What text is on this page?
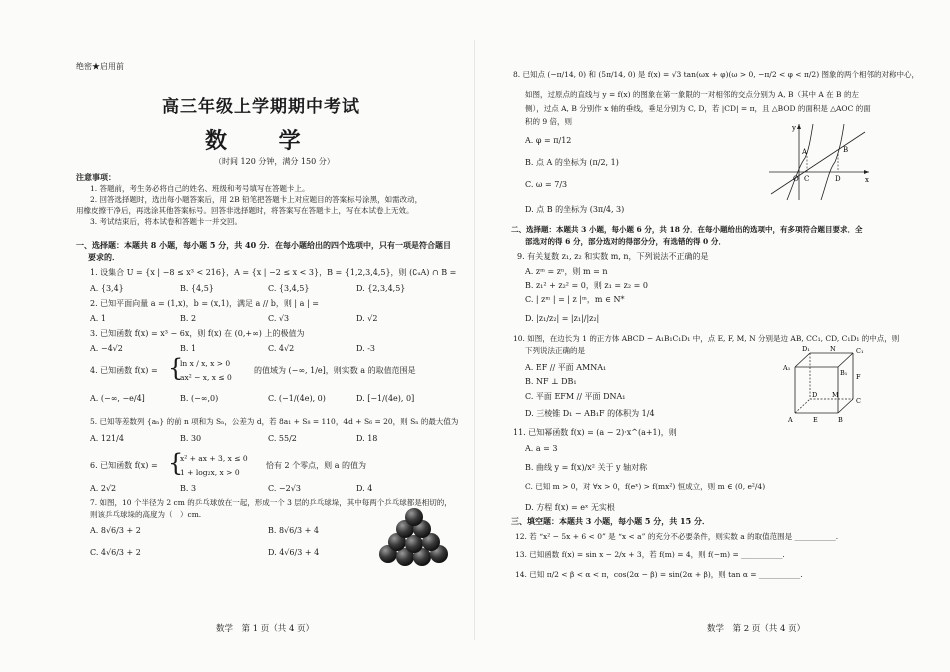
绝密★启用前
高三年级上学期期中考试
数 学
（时间 120 分钟，满分 150 分）
注意事项：
1. 答题前，考生务必将自己的姓名、班级和考号填写在答题卡上。
2. 回答选择题时，选出每小题答案后，用 2B 铅笔把答题卡上对应题目的答案标号涂黑，如需改动，
用橡皮擦干净后，再选涂其他答案标号。回答非选择题时，将答案写在答题卡上，写在本试卷上无效。
3. 考试结束后，将本试卷和答题卡一并交回。
一、选择题：本题共 8 小题，每小题 5 分，共 40 分．在每小题给出的四个选项中，只有一项是符合题目
要求的．
1. 设集合 U = {x | −8 ≤ x³ < 216}，A = {x | −2 ≤ x < 3}，B = {1,2,3,4,5}，则 (∁ᵤA) ∩ B =
A. {3,4}	B. {4,5}	C. {3,4,5}	D. {2,3,4,5}
2. 已知平面向量 a = (1,x)，b = (x,1)，满足 a // b，则 | a | =
A. 1	B. 2	C. √3	D. √2
3. 已知函数 f(x) = x³ − 6x，则 f(x) 在 (0,+∞) 上的极值为
A. −4√2	B. 1	C. 4√2	D. -3
4. 已知函数 f(x) = {
ln x / x, x > 0
ax² − x, x ≤ 0
的值域为 (−∞, 1/e]，则实数 a 的取值范围是
A. (−∞, −e/4]	B. (−∞,0)	C. (−1/(4e), 0)	D. [−1/(4e), 0]
5. 已知等差数列 {aₙ} 的前 n 项和为 Sₙ，公差为 d，若 8a₁ + S₈ = 110，4d + S₆ = 20，则 Sₙ 的最大值为
A. 121/4	B. 30	C. 55/2	D. 18
6. 已知函数 f(x) = {
x² + ax + 3, x ≤ 0
1 + log₂x, x > 0
恰有 2 个零点，则 a 的值为
A. 2√2	B. 3	C. −2√3	D. 4
7. 如图，10 个半径为 2 cm 的乒乓球放在一起，形成一个 3 层的乒乓球垛，其中每两个乒乓球都是相切的，
则该乒乓球垛的高度为（　）cm.
A. 8√6/3 + 2	B. 8√6/3 + 4
C. 4√6/3 + 2	D. 4√6/3 + 4
数学　第 1 页（共 4 页）
8. 已知点 (−π/14, 0) 和 (5π/14, 0) 是 f(x) = √3 tan(ωx + φ)(ω > 0, −π/2 < φ < π/2) 图象的两个相邻的对称中心，
如图，过原点的直线与 y = f(x) 的图象在第一象限的一对相邻的交点分别为 A, B（其中 A 在 B 的左
侧），过点 A, B 分别作 x 轴的垂线，垂足分别为 C, D，若 |CD| = π，且 △BOD 的面积是 △AOC 的面
积的 9 倍，则
A. φ = π/12
B. 点 A 的坐标为 (π/2, 1)
C. ω = 7/3
D. 点 B 的坐标为 (3π/4, 3)
y
x
A	B
O C	D
二、选择题：本题共 3 小题，每小题 6 分，共 18 分．在每小题给出的选项中，有多项符合题目要求．全
部选对的得 6 分，部分选对的得部分分，有选错的得 0 分．
9. 有关复数 z₁, z₂ 和实数 m, n，下列说法不正确的是
A. zᵐ = zⁿ，则 m = n
B. z₁² + z₂² = 0，则 z₁ = z₂ = 0
C. | zᵐ | = | z |ᵐ，m ∈ N*
D. |z₁/z₂| = |z₁|/|z₂|
10. 如图，在边长为 1 的正方体 ABCD − A₁B₁C₁D₁ 中，点 E, F, M, N 分别是边 AB, CC₁, CD, C₁D₁ 的中点，则
下列说法正确的是
A. EF // 平面 AMNA₁
B. NF ⊥ DB₁
C. 平面 EFM // 平面 DNA₁
D. 三棱锥 D₁ − AB₁F 的体积为 1/4
D₁	N	C₁
A₁
B₁ F
D M
C
A	E	B
11. 已知幂函数 f(x) = (a − 2)·x^(a+1)，则
A. a = 3
B. 曲线 y = f(x)/x² 关于 y 轴对称
C. 已知 m > 0，对 ∀x > 0，f(eˣ) > f(mx²) 恒成立，则 m ∈ (0, e²/4)
D. 方程 f(x) = eˣ 无实根
三、填空题：本题共 3 小题，每小题 5 分，共 15 分．
12. 若 “x² − 5x + 6 < 0” 是 “x < a” 的充分不必要条件，则实数 a 的取值范围是 ___________.
13. 已知函数 f(x) = sin x − 2/x + 3，若 f(m) = 4，则 f(−m) = ___________.
14. 已知 π/2 < β < α < π，cos(2α − β) = sin(2α + β)，则 tan α = ___________.
数学　第 2 页（共 4 页）
